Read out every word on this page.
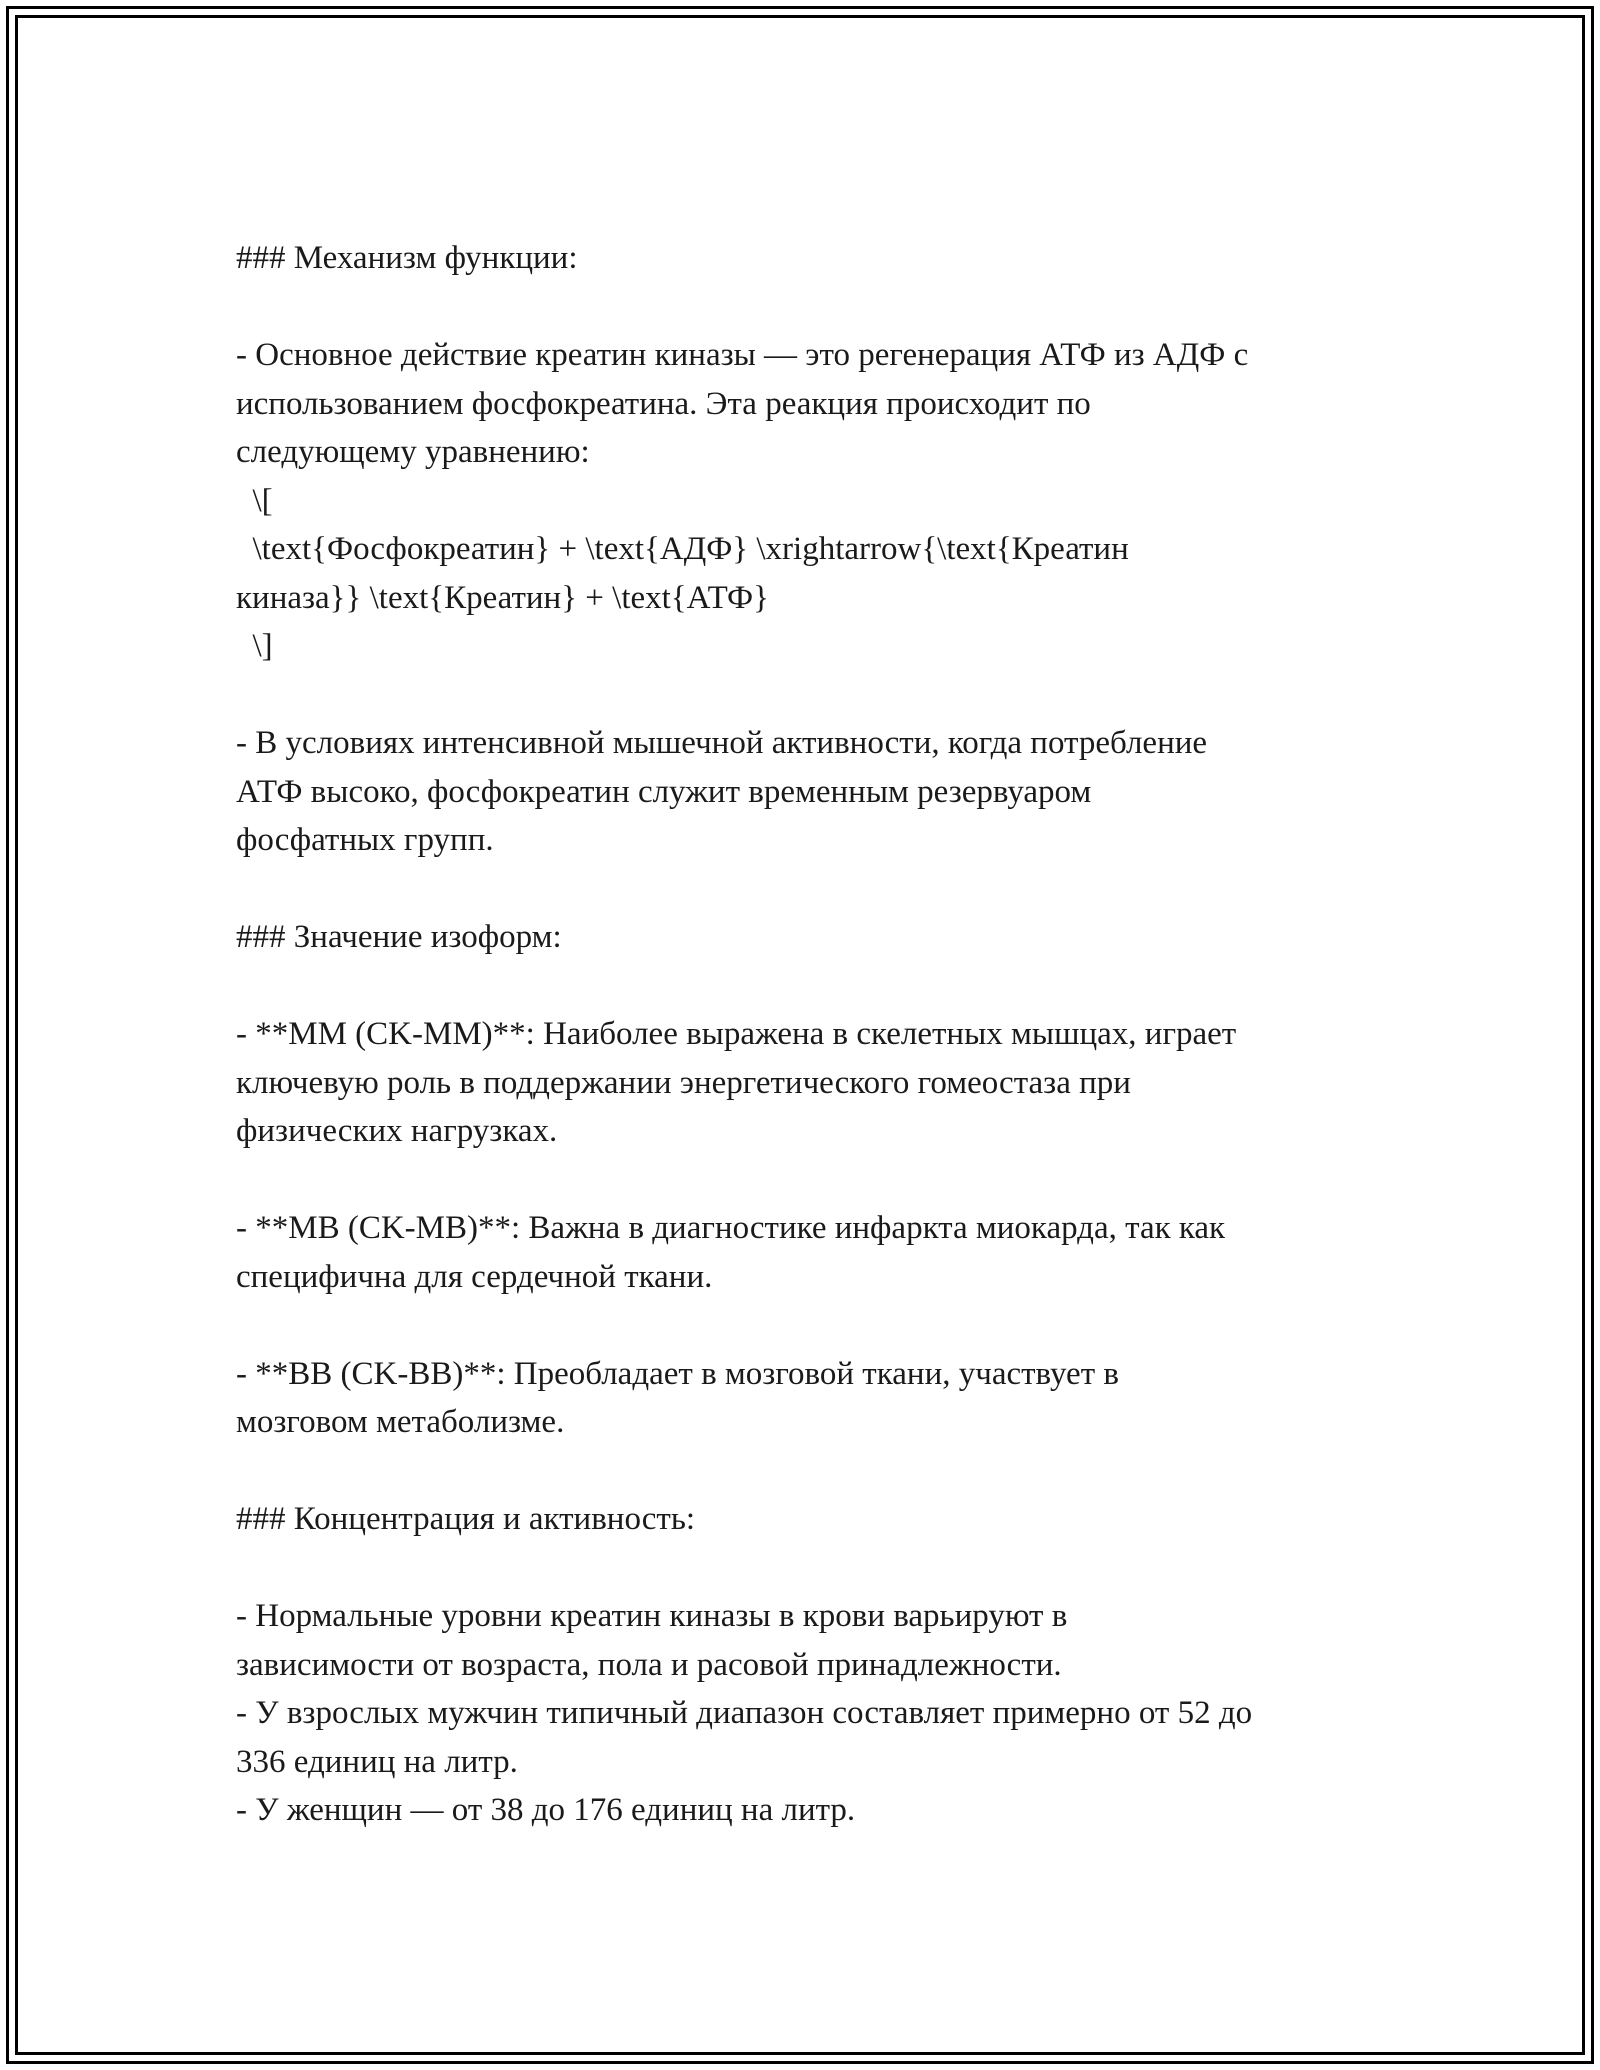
### Механизм функции:
- Основное действие креатин киназы — это регенерация АТФ из АДФ с
использованием фосфокреатина. Эта реакция происходит по
следующему уравнению:
\[
\text{Фосфокреатин} + \text{АДФ} \xrightarrow{\text{Креатин
киназа}} \text{Креатин} + \text{АТФ}
\]
- В условиях интенсивной мышечной активности, когда потребление
АТФ высоко, фосфокреатин служит временным резервуаром
фосфатных групп.
### Значение изоформ:
- **MM (CK-MM)**: Наиболее выражена в скелетных мышцах, играет
ключевую роль в поддержании энергетического гомеостаза при
физических нагрузках.
- **MB (CK-MB)**: Важна в диагностике инфаркта миокарда, так как
специфична для сердечной ткани.
- **BB (CK-BB)**: Преобладает в мозговой ткани, участвует в
мозговом метаболизме.
### Концентрация и активность:
- Нормальные уровни креатин киназы в крови варьируют в
зависимости от возраста, пола и расовой принадлежности.
- У взрослых мужчин типичный диапазон составляет примерно от 52 до
336 единиц на литр.
- У женщин — от 38 до 176 единиц на литр.
